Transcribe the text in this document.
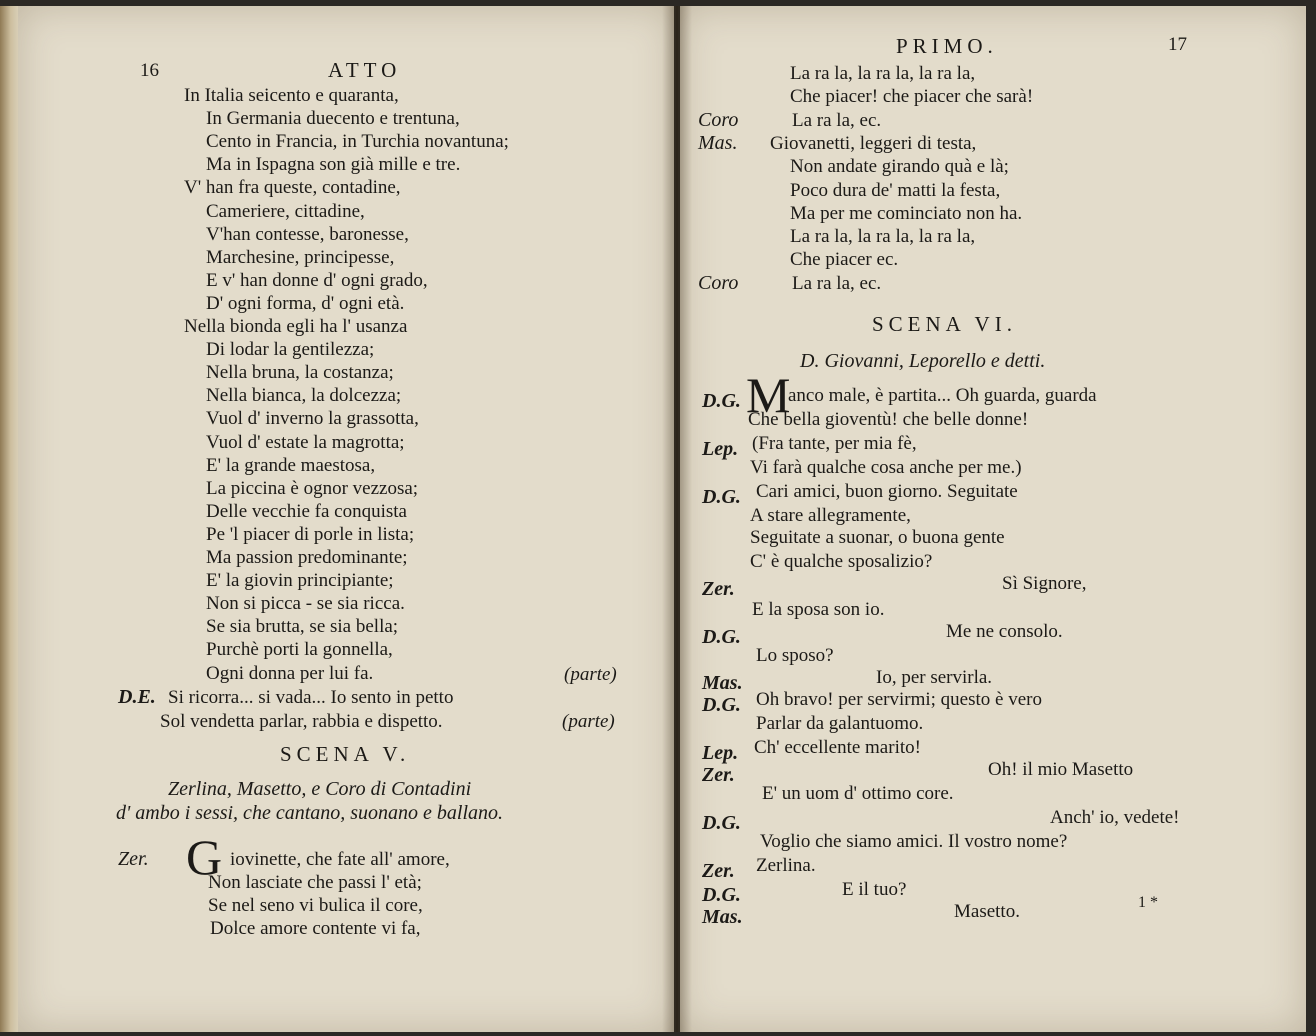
16	ATTO
In Italia seicento e quaranta,
In Germania duecento e trentuna,
Cento in Francia, in Turchia novantuna;
Ma in Ispagna son già mille e tre.
V' han fra queste, contadine,
Cameriere, cittadine,
V'han contesse, baronesse,
Marchesine, principesse,
E v' han donne d' ogni grado,
D' ogni forma, d' ogni età.
Nella bionda egli ha l' usanza
Di lodar la gentilezza;
Nella bruna, la costanza;
Nella bianca, la dolcezza;
Vuol d' inverno la grassotta,
Vuol d' estate la magrotta;
E' la grande maestosa,
La piccina è ognor vezzosa;
Delle vecchie fa conquista
Pe 'l piacer di porle in lista;
Ma passion predominante;
E' la giovin principiante;
Non si picca - se sia ricca.
Se sia brutta, se sia bella;
Purchè porti la gonnella,
Ogni donna per lui fa.	(parte)
D.E. Si ricorra... si vada... Io sento in petto
Sol vendetta parlar, rabbia e dispetto.	(parte)
SCENA V.
Zerlina, Masetto, e Coro di Contadini
d' ambo i sessi, che cantano, suonano e ballano.
Zer. G iovinette, che fate all' amore,
Non lasciate che passi l' età;
Se nel seno vi bulica il core,
Dolce amore contente vi fa,
PRIMO.	17
La ra la, la ra la, la ra la,
Che piacer! che piacer che sarà!
Coro	La ra la, ec.
Mas. Giovanetti, leggeri di testa,
Non andate girando quà e là;
Poco dura de' matti la festa,
Ma per me cominciato non ha.
La ra la, la ra la, la ra la,
Che piacer ec.
Coro	La ra la, ec.
SCENA VI.
D. Giovanni, Leporello e detti.
D.G. M
anco male, è partita... Oh guarda, guarda
Che bella gioventù! che belle donne!
Lep. (Fra tante, per mia fè,
Vi farà qualche cosa anche per me.)
D.G. Cari amici, buon giorno. Seguitate
A stare allegramente,
Seguitate a suonar, o buona gente
C' è qualche sposalizio?
Zer.	Sì Signore,
E la sposa son io.
D.G.	Me ne consolo.
Lo sposo?
Mas.	Io, per servirla.
D.G. Oh bravo! per servirmi; questo è vero
Parlar da galantuomo.
Lep. Ch' eccellente marito!
Zer.	Oh! il mio Masetto
E' un uom d' ottimo core.
D.G.	Anch' io, vedete!
Voglio che siamo amici. Il vostro nome?
Zer. Zerlina.
D.G.	E il tuo?
Mas.	Masetto.	1 *
